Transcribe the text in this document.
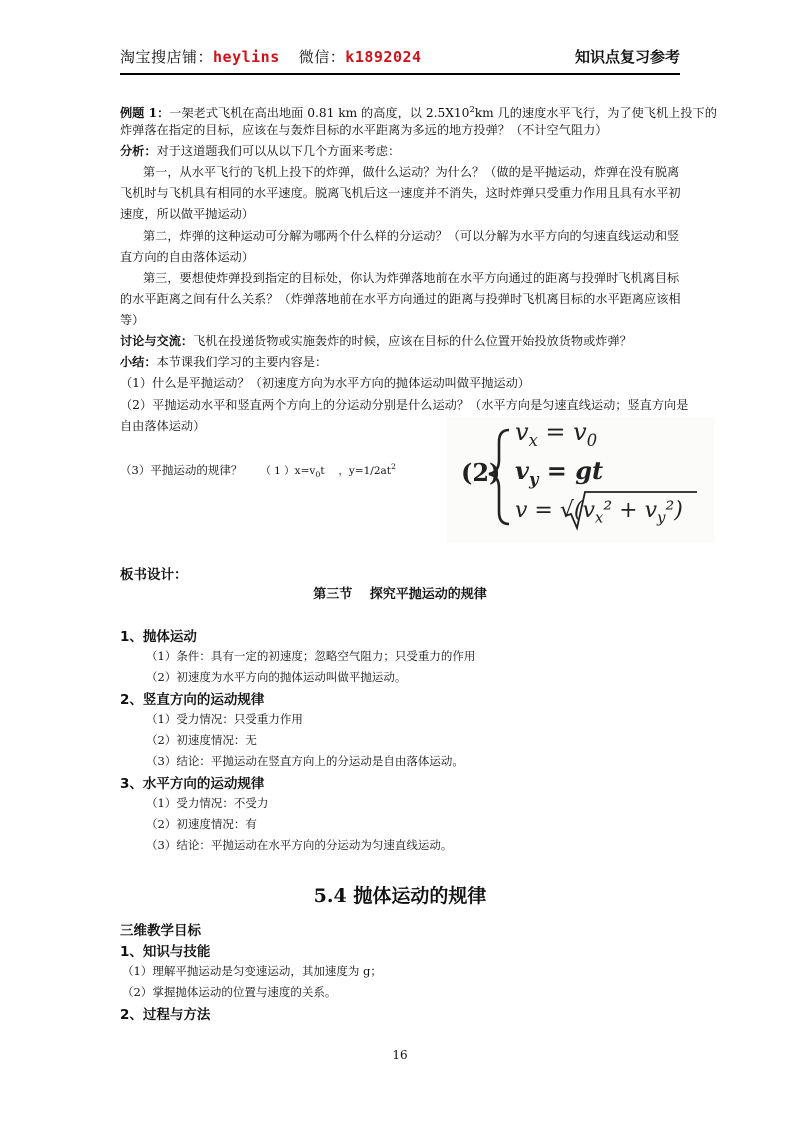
淘宝搜店铺：heylins  微信：k1892024	知识点复习参考
例题 1：一架老式飞机在高出地面 0.81 km 的高度，以 $2.5X10^2km$ 几的速度水平飞行，为了使飞机上投下的
炸弹落在指定的目标，应该在与轰炸目标的水平距离为多远的地方投弹？（不计空气阻力）
分析：对于这道题我们可以从以下几个方面来考虑：
第一，从水平飞行的飞机上投下的炸弹，做什么运动？为什么？（做的是平抛运动，炸弹在没有脱离
飞机时与飞机具有相同的水平速度。脱离飞机后这一速度并不消失，这时炸弹只受重力作用且具有水平初
速度，所以做平抛运动）
第二，炸弹的这种运动可分解为哪两个什么样的分运动？（可以分解为水平方向的匀速直线运动和竖
直方向的自由落体运动）
第三，要想使炸弹投到指定的目标处，你认为炸弹落地前在水平方向通过的距离与投弹时飞机离目标
的水平距离之间有什么关系？（炸弹落地前在水平方向通过的距离与投弹时飞机离目标的水平距离应该相
等）
讨论与交流：飞机在投递货物或实施轰炸的时候，应该在目标的什么位置开始投放货物或炸弹？
小结：本节课我们学习的主要内容是：
（1）什么是平抛运动？（初速度方向为水平方向的抛体运动叫做平抛运动）
（2）平抛运动水平和竖直两个方向上的分运动分别是什么运动？（水平方向是匀速直线运动；竖直方向是
自由落体运动）
（3）平抛运动的规律？ （ 1 ）$x=v_0t$　 ，$y=1/2at^2$	(2)
$v_x = v_0$
$v_y$ = gt
$v = √(v_x^2 + v_y^2)$
板书设计：
第三节　 探究平抛运动的规律
1、抛体运动
（1）条件：具有一定的初速度；忽略空气阻力；只受重力的作用
（2）初速度为水平方向的抛体运动叫做平抛运动。
2、竖直方向的运动规律
（1）受力情况：只受重力作用
（2）初速度情况：无
（3）结论：平抛运动在竖直方向上的分运动是自由落体运动。
3、水平方向的运动规律
（1）受力情况：不受力
（2）初速度情况：有
（3）结论：平抛运动在水平方向的分运动为匀速直线运动。
5.4 抛体运动的规律
三维教学目标
1、知识与技能
（1）理解平抛运动是匀变速运动，其加速度为 g；
（2）掌握抛体运动的位置与速度的关系。
2、过程与方法
16
